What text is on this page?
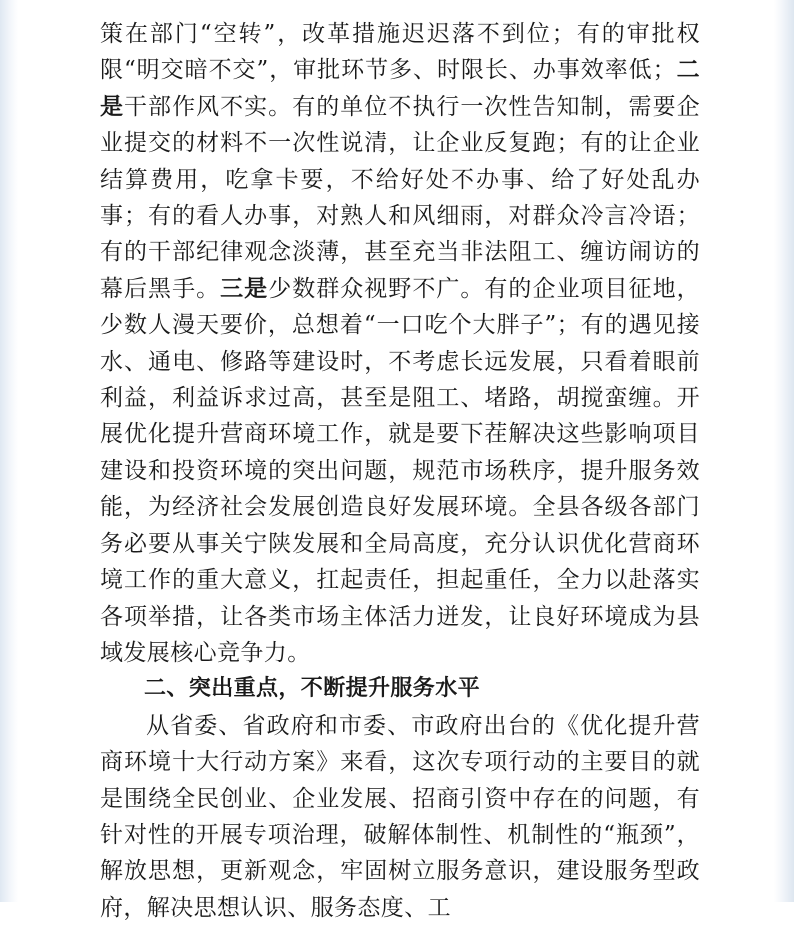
策在部门“空转”，改革措施迟迟落不到位；有的审批权限“明交暗不交”，审批环节多、时限长、办事效率低；二是干部作风不实。有的单位不执行一次性告知制，需要企业提交的材料不一次性说清，让企业反复跑；有的让企业结算费用，吃拿卡要，不给好处不办事、给了好处乱办事；有的看人办事，对熟人和风细雨，对群众冷言冷语；有的干部纪律观念淡薄，甚至充当非法阻工、缠访闹访的幕后黑手。三是少数群众视野不广。有的企业项目征地，少数人漫天要价，总想着“一口吃个大胖子”；有的遇见接水、通电、修路等建设时，不考虑长远发展，只看着眼前利益，利益诉求过高，甚至是阻工、堵路，胡搅蛮缠。开展优化提升营商环境工作，就是要下茬解决这些影响项目建设和投资环境的突出问题，规范市场秩序，提升服务效能，为经济社会发展创造良好发展环境。全县各级各部门务必要从事关宁陕发展和全局高度，充分认识优化营商环境工作的重大意义，扛起责任，担起重任，全力以赴落实各项举措，让各类市场主体活力迸发，让良好环境成为县域发展核心竞争力。

二、突出重点，不断提升服务水平

从省委、省政府和市委、市政府出台的《优化提升营商环境十大行动方案》来看，这次专项行动的主要目的就是围绕全民创业、企业发展、招商引资中存在的问题，有针对性的开展专项治理，破解体制性、机制性的“瓶颈”，解放思想，更新观念，牢固树立服务意识，建设服务型政府，解决思想认识、服务态度、工
